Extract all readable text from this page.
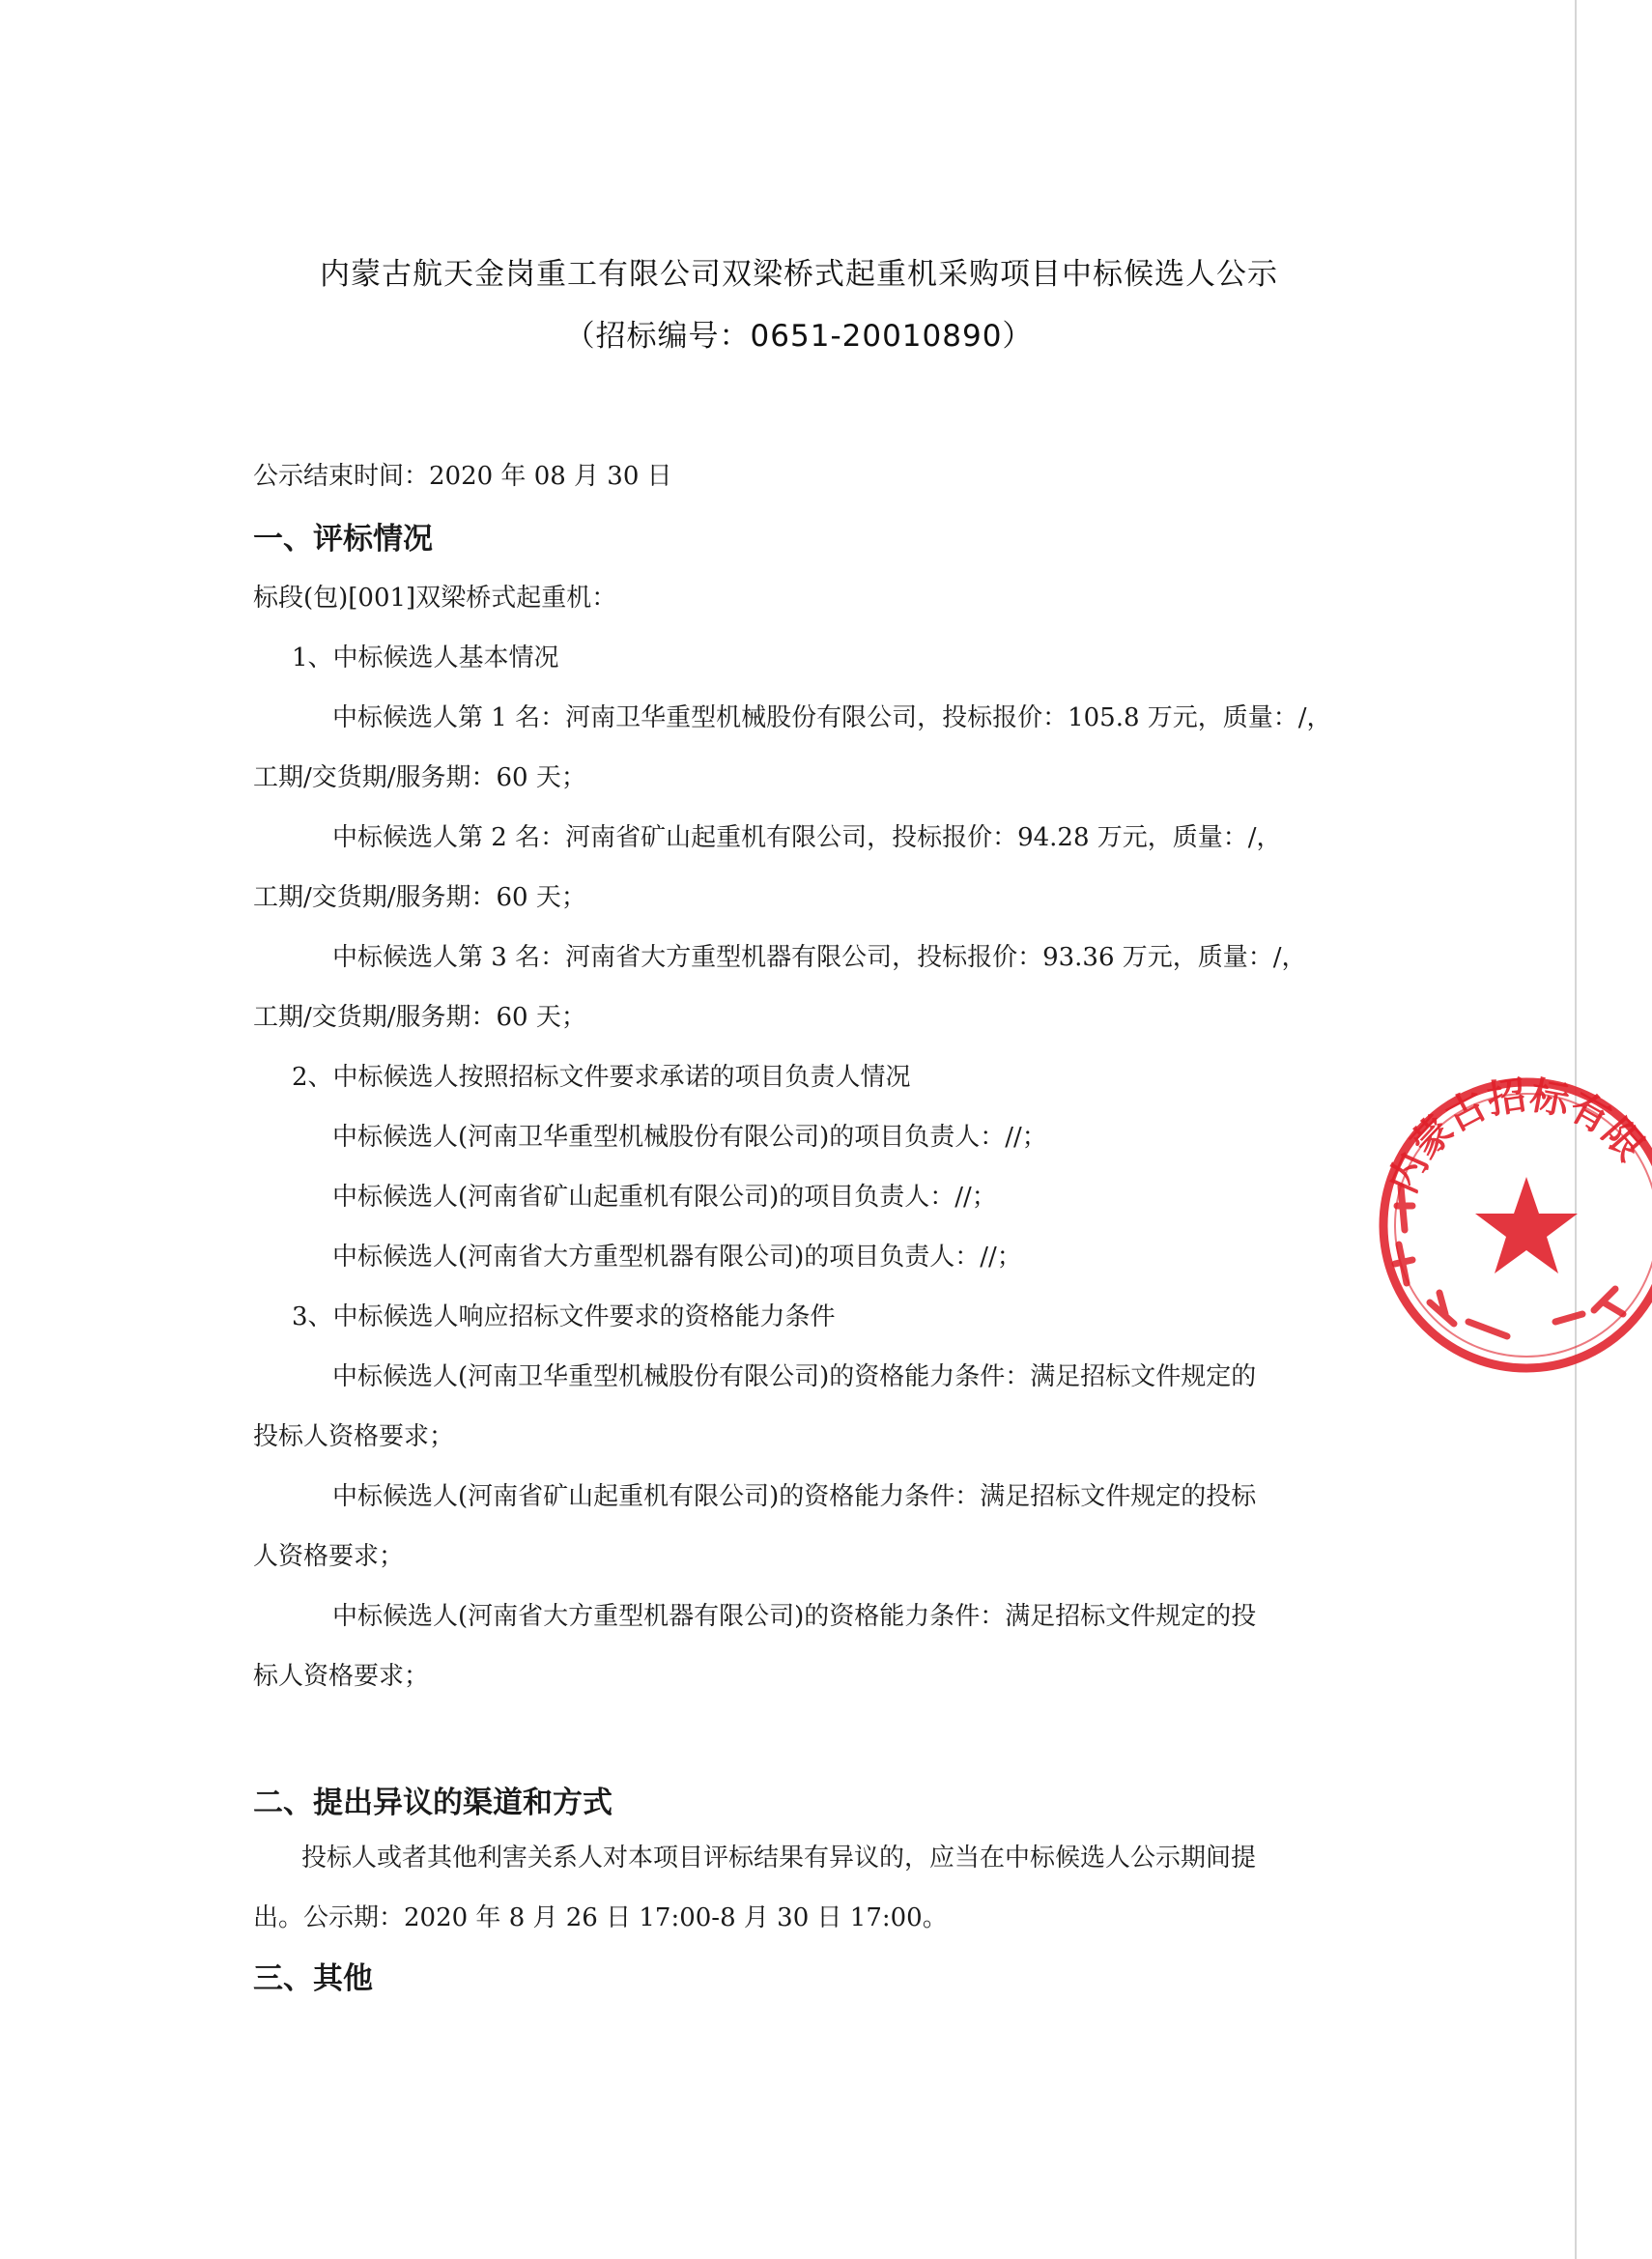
内蒙古航天金岗重工有限公司双梁桥式起重机采购项目中标候选人公示
（招标编号：0651-20010890）
公示结束时间：2020 年 08 月 30 日
一、评标情况
标段(包)[001]双梁桥式起重机：
1、中标候选人基本情况
中标候选人第 1 名：河南卫华重型机械股份有限公司，投标报价：105.8 万元，质量：/，
工期/交货期/服务期：60 天；
中标候选人第 2 名：河南省矿山起重机有限公司，投标报价：94.28 万元，质量：/，
工期/交货期/服务期：60 天；
中标候选人第 3 名：河南省大方重型机器有限公司，投标报价：93.36 万元，质量：/，
工期/交货期/服务期：60 天；
2、中标候选人按照招标文件要求承诺的项目负责人情况
中标候选人(河南卫华重型机械股份有限公司)的项目负责人：//；
中标候选人(河南省矿山起重机有限公司)的项目负责人：//；
中标候选人(河南省大方重型机器有限公司)的项目负责人：//；
3、中标候选人响应招标文件要求的资格能力条件
中标候选人(河南卫华重型机械股份有限公司)的资格能力条件：满足招标文件规定的
投标人资格要求；
中标候选人(河南省矿山起重机有限公司)的资格能力条件：满足招标文件规定的投标
人资格要求；
中标候选人(河南省大方重型机器有限公司)的资格能力条件：满足招标文件规定的投
标人资格要求；
二、提出异议的渠道和方式
投标人或者其他利害关系人对本项目评标结果有异议的，应当在中标候选人公示期间提
出。公示期：2020 年 8 月 26 日 17:00-8 月 30 日 17:00。
三、其他
内蒙古招标有限
